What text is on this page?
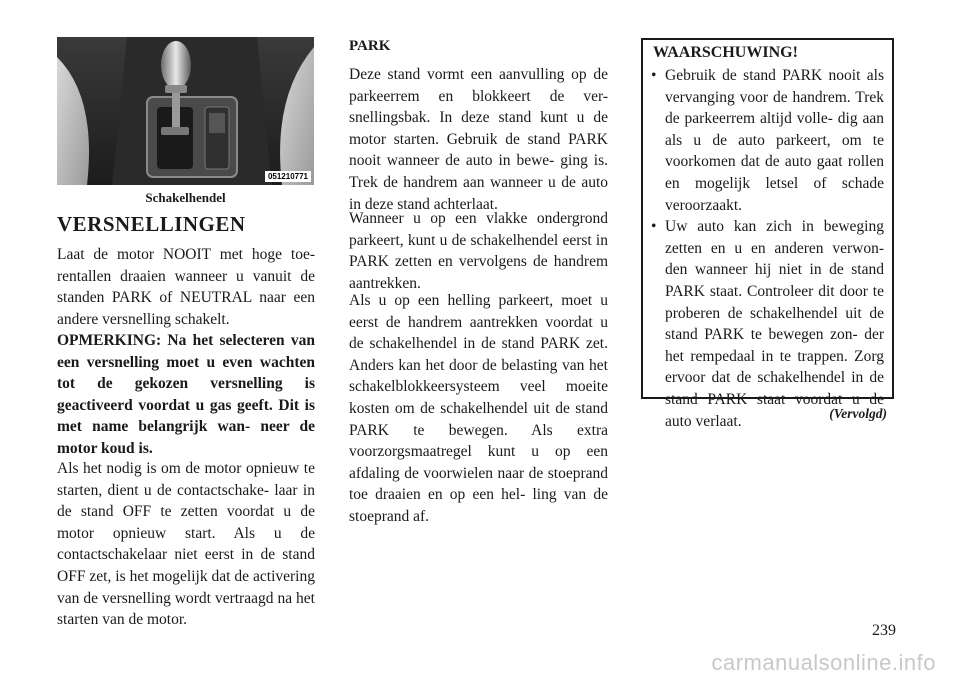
051210771
Schakelhendel
VERSNELLINGEN

Laat de motor NOOIT met hoge toe- rentallen draaien wanneer u vanuit de standen PARK of NEUTRAL naar een andere versnelling schakelt.

OPMERKING: Na het selecteren van een versnelling moet u even wachten tot de gekozen versnelling is geactiveerd voordat u gas geeft. Dit is met name belangrijk wan- neer de motor koud is.

Als het nodig is om de motor opnieuw te starten, dient u de contactschake- laar in de stand OFF te zetten voordat u de motor opnieuw start. Als u de contactschakelaar niet eerst in de stand OFF zet, is het mogelijk dat de activering van de versnelling wordt vertraagd na het starten van de motor.

PARK

Deze stand vormt een aanvulling op de parkeerrem en blokkeert de ver- snellingsbak. In deze stand kunt u de motor starten. Gebruik de stand PARK nooit wanneer de auto in bewe- ging is. Trek de handrem aan wanneer u de auto in deze stand achterlaat.

Wanneer u op een vlakke ondergrond parkeert, kunt u de schakelhendel eerst in PARK zetten en vervolgens de handrem aantrekken.

Als u op een helling parkeert, moet u eerst de handrem aantrekken voordat u de schakelhendel in de stand PARK zet. Anders kan het door de belasting van het schakelblokkeersysteem veel moeite kosten om de schakelhendel uit de stand PARK te bewegen. Als extra voorzorgsmaatregel kunt u op een afdaling de voorwielen naar de stoeprand toe draaien en op een hel- ling van de stoeprand af.

WAARSCHUWING!
• Gebruik de stand PARK nooit als vervanging voor de handrem. Trek de parkeerrem altijd volle- dig aan als u de auto parkeert, om te voorkomen dat de auto gaat rollen en mogelijk letsel of schade veroorzaakt.
• Uw auto kan zich in beweging zetten en u en anderen verwon- den wanneer hij niet in de stand PARK staat. Controleer dit door te proberen de schakelhendel uit de stand PARK te bewegen zon- der het rempedaal in te trappen. Zorg ervoor dat de schakelhendel in de stand PARK staat voordat u de auto verlaat.	(Vervolgd)
239
carmanualsonline.info
